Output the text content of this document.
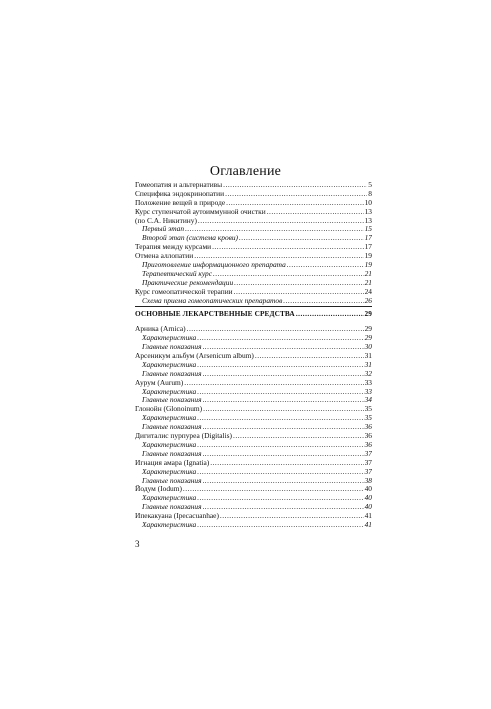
Оглавление
Гомеопатия и альтернативы .....	5
Специфика эндокринопатии .....	8
Положение вещей в природе .....	10
Курс ступенчатой аутоиммунной очистки .....	13
(по С.А. Никитину) .....	13
Первый этап .....	15
Второй этап (система крови) .....	17
Терапия между курсами .....	17
Отмена аллопатии .....	19
Приготовление информационного препарата .....	19
Терапевтический курс .....	21
Практические рекомендации .....	21
Курс гомеопатической терапии .....	24
Схема приема гомеопатических препаратов .....	26
ОСНОВНЫЕ ЛЕКАРСТВЕННЫЕ СРЕДСТВА .....	29
Арника (Arnica) .....	29
Характеристика .....	29
Главные показания .....	30
Арсеникум альбум (Arsenicum album) .....	31
Характеристика .....	31
Главные показания .....	32
Аурум (Aurum) .....	33
Характеристика .....	33
Главные показания .....	34
Глонойн (Glonoinum) .....	35
Характеристика .....	35
Главные показания .....	36
Дигиталис пурпуреа (Digitalis) .....	36
Характеристика .....	36
Главные показания .....	37
Игнация амара (Ignatia) .....	37
Характеристика .....	37
Главные показания .....	38
Йодум (Iodum) .....	40
Характеристика .....	40
Главные показания .....	40
Ипекакуана (Ipecacuanhae) .....	41
Характеристика .....	41
3
